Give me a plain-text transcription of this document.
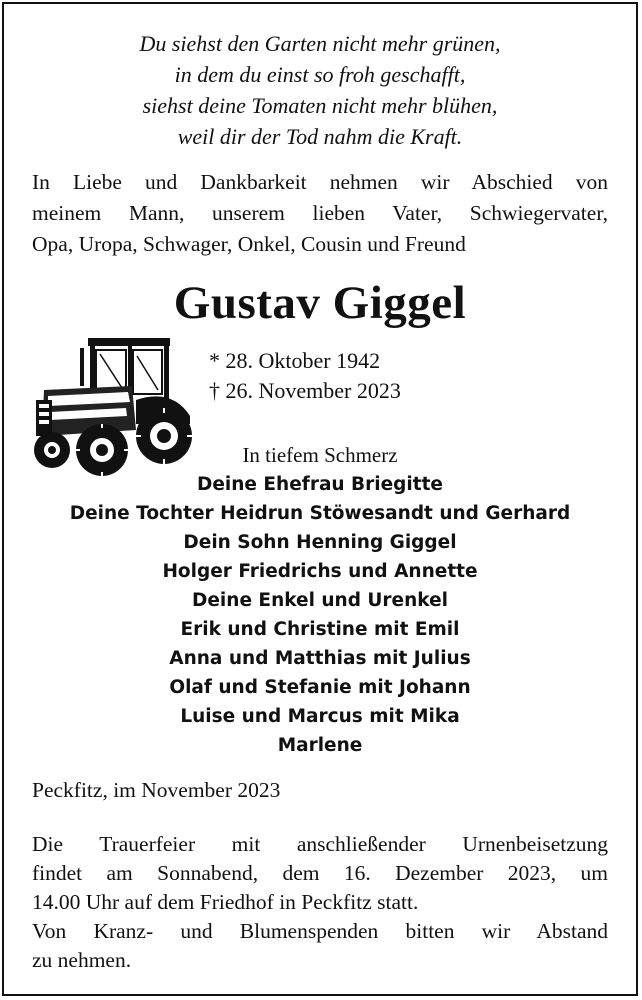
Du siehst den Garten nicht mehr grünen,
in dem du einst so froh geschafft,
siehst deine Tomaten nicht mehr blühen,
weil dir der Tod nahm die Kraft.
In Liebe und Dankbarkeit nehmen wir Abschied von
meinem Mann, unserem lieben Vater, Schwiegervater,
Opa, Uropa, Schwager, Onkel, Cousin und Freund
Gustav Giggel
* 28. Oktober 1942
† 26. November 2023
In tiefem Schmerz
Deine Ehefrau Briegitte
Deine Tochter Heidrun Stöwesandt und Gerhard
Dein Sohn Henning Giggel
Holger Friedrichs und Annette
Deine Enkel und Urenkel
Erik und Christine mit Emil
Anna und Matthias mit Julius
Olaf und Stefanie mit Johann
Luise und Marcus mit Mika
Marlene
Peckfitz, im November 2023
Die Trauerfeier mit anschließender Urnenbeisetzung
findet am Sonnabend, dem 16. Dezember 2023, um
14.00 Uhr auf dem Friedhof in Peckfitz statt.
Von Kranz- und Blumenspenden bitten wir Abstand
zu nehmen.
